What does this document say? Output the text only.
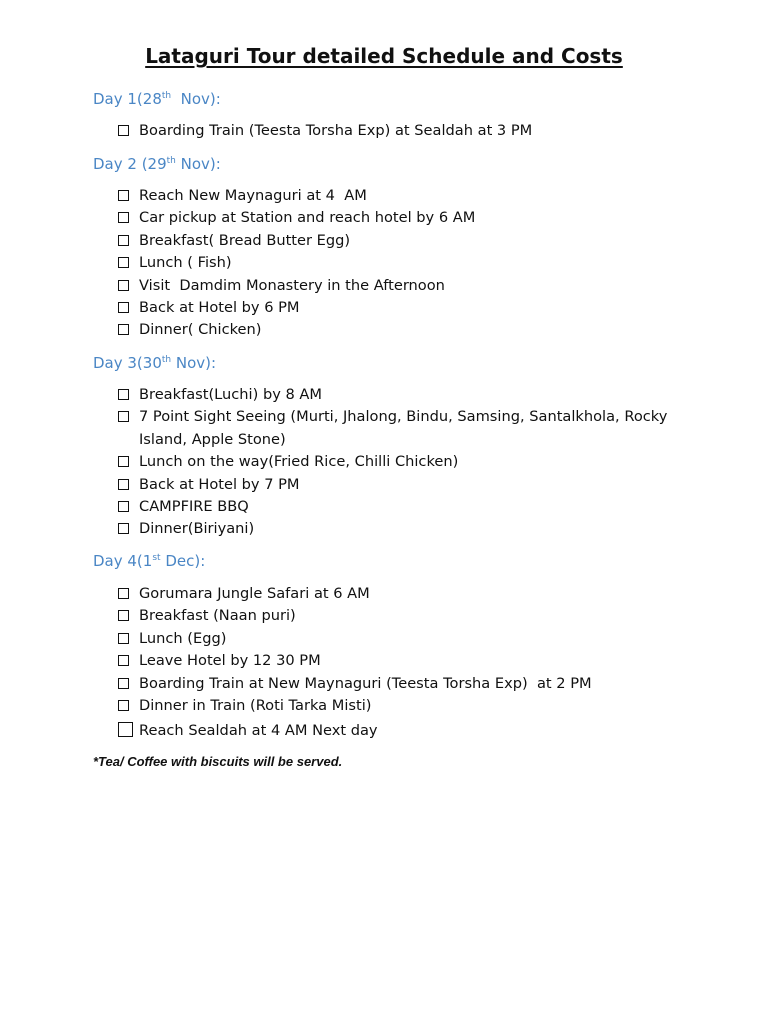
Lataguri Tour detailed Schedule and Costs
Day 1(28th  Nov):
Boarding Train (Teesta Torsha Exp) at Sealdah at 3 PM
Day 2 (29th Nov):
Reach New Maynaguri at 4  AM
Car pickup at Station and reach hotel by 6 AM
Breakfast( Bread Butter Egg)
Lunch ( Fish)
Visit  Damdim Monastery in the Afternoon
Back at Hotel by 6 PM
Dinner( Chicken)
Day 3(30th Nov):
Breakfast(Luchi) by 8 AM
7 Point Sight Seeing (Murti, Jhalong, Bindu, Samsing, Santalkhola, Rocky Island, Apple Stone)
Lunch on the way(Fried Rice, Chilli Chicken)
Back at Hotel by 7 PM
CAMPFIRE BBQ
Dinner(Biriyani)
Day 4(1st Dec):
Gorumara Jungle Safari at 6 AM
Breakfast (Naan puri)
Lunch (Egg)
Leave Hotel by 12 30 PM
Boarding Train at New Maynaguri (Teesta Torsha Exp)  at 2 PM
Dinner in Train (Roti Tarka Misti)
Reach Sealdah at 4 AM Next day
*Tea/ Coffee with biscuits will be served.
